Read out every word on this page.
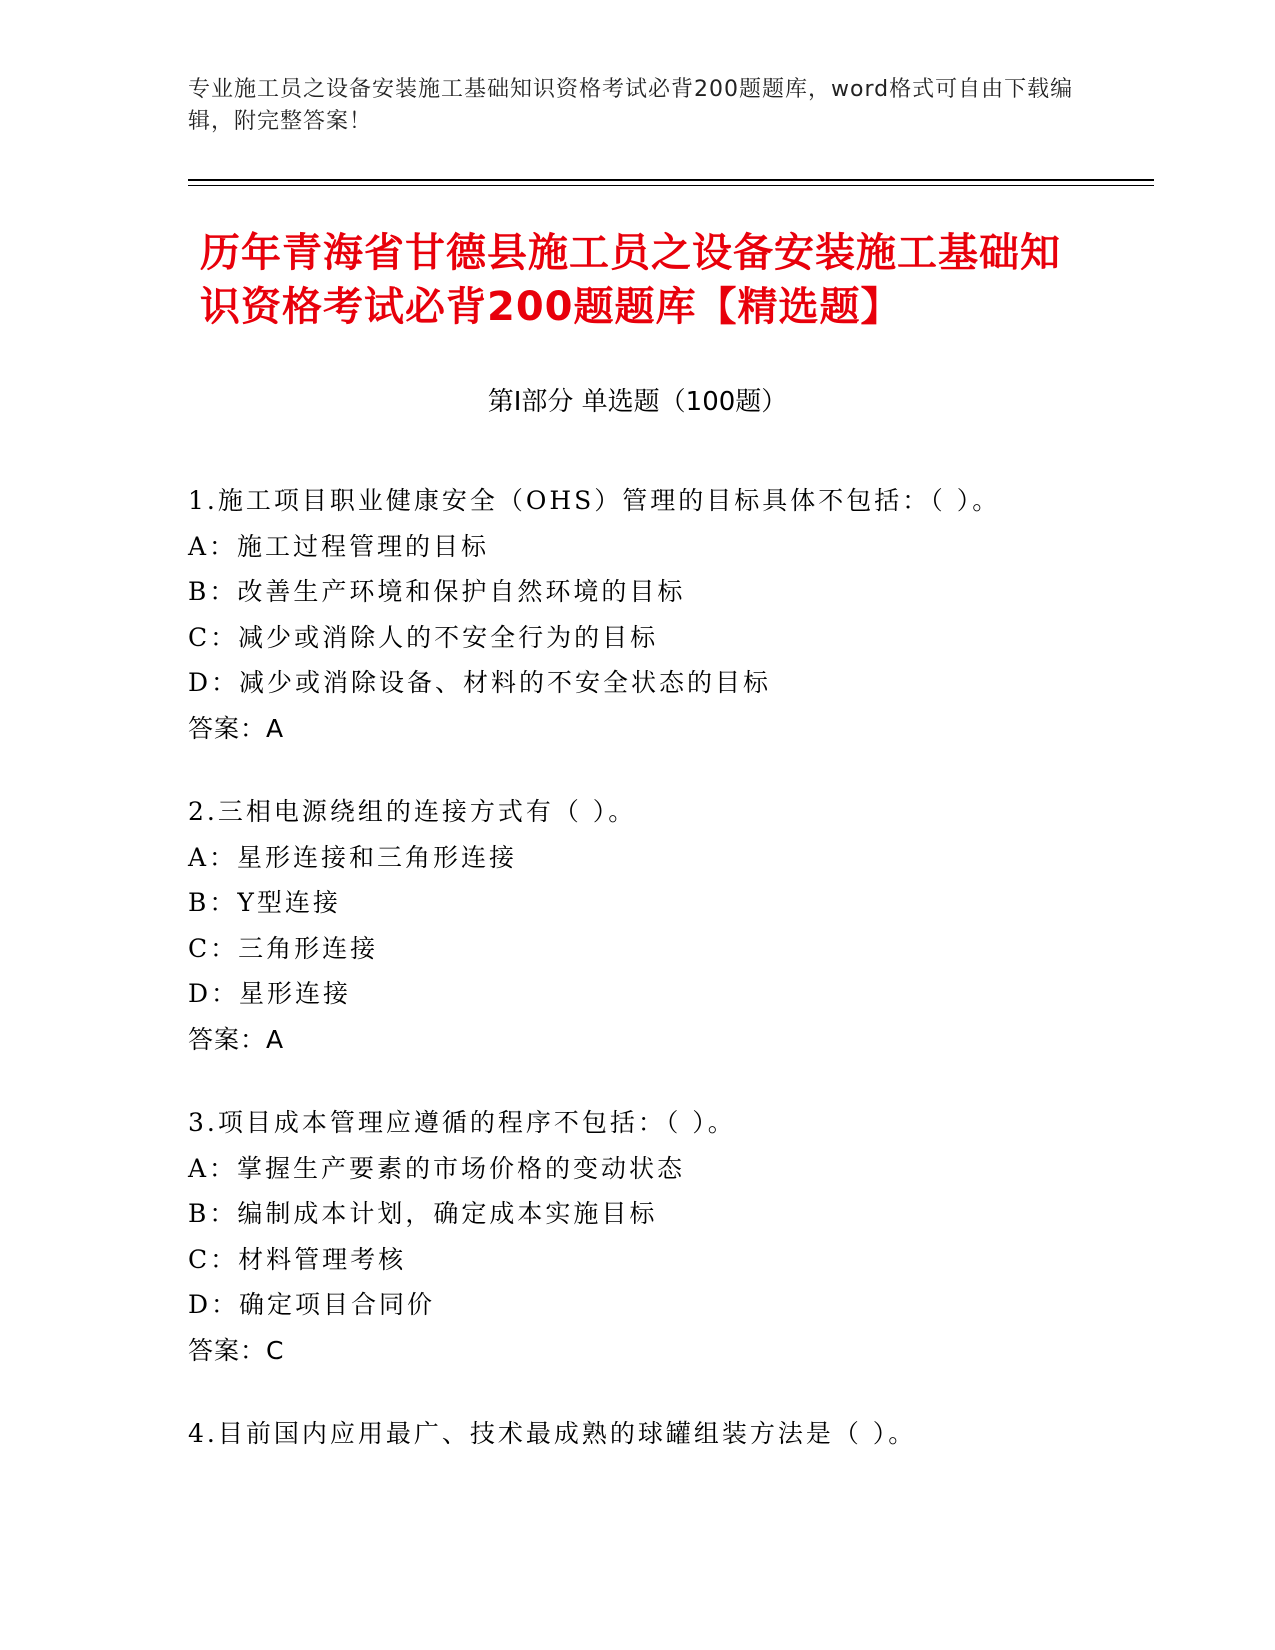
专业施工员之设备安装施工基础知识资格考试必背200题题库，word格式可自由下载编辑，附完整答案！
历年青海省甘德县施工员之设备安装施工基础知识资格考试必背200题题库【精选题】
第Ⅰ部分 单选题（100题）
1.施工项目职业健康安全（OHS）管理的目标具体不包括：（ ）。
A：施工过程管理的目标
B：改善生产环境和保护自然环境的目标
C：减少或消除人的不安全行为的目标
D：减少或消除设备、材料的不安全状态的目标
答案：A
2.三相电源绕组的连接方式有（ ）。
A：星形连接和三角形连接
B：Y型连接
C：三角形连接
D：星形连接
答案：A
3.项目成本管理应遵循的程序不包括：（ ）。
A：掌握生产要素的市场价格的变动状态
B：编制成本计划，确定成本实施目标
C：材料管理考核
D：确定项目合同价
答案：C
4.目前国内应用最广、技术最成熟的球罐组装方法是（ ）。
